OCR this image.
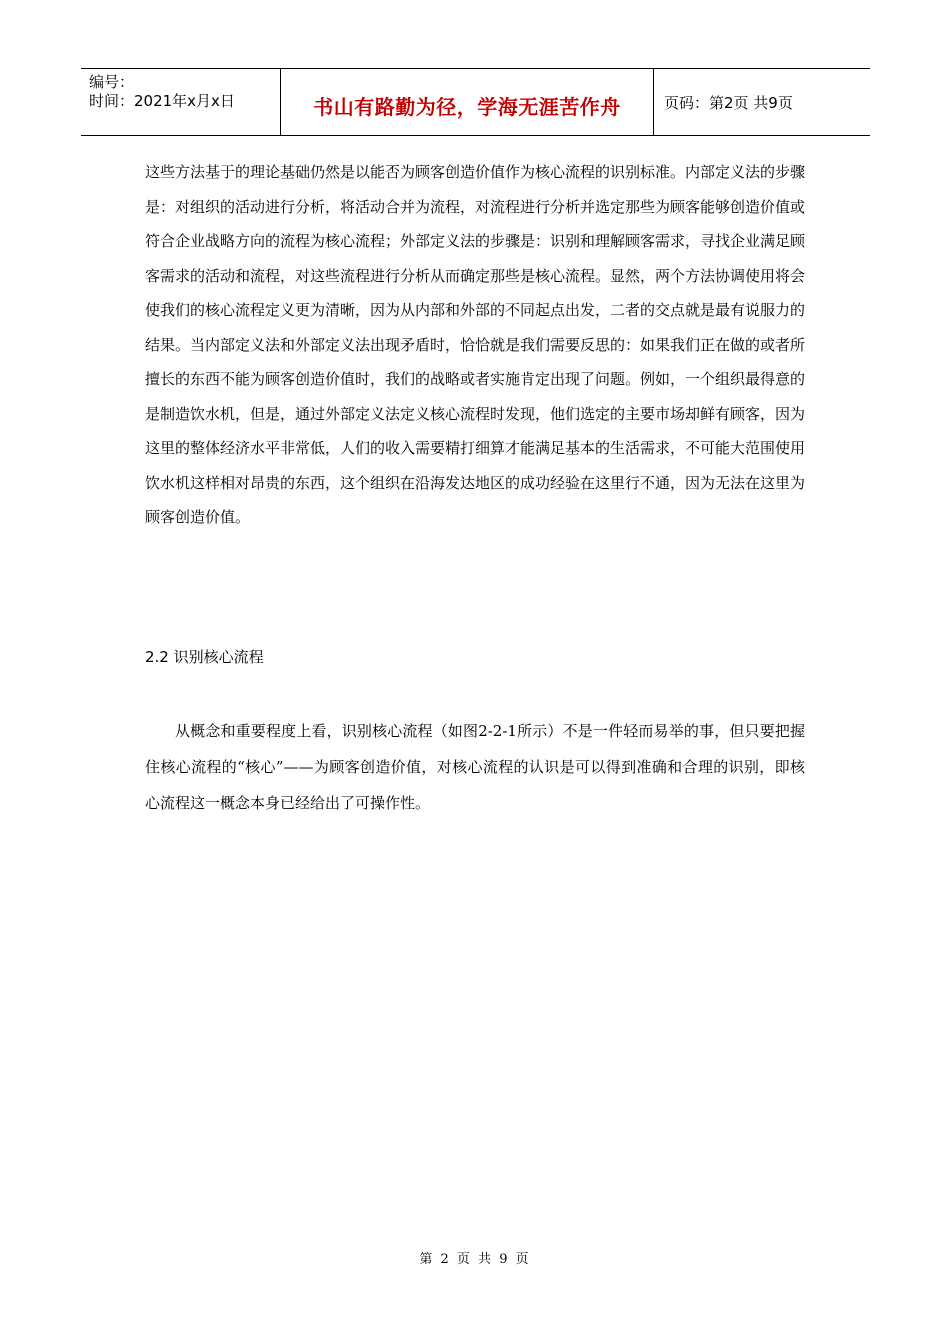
编号：
时间：2021年x月x日	书山有路勤为径，学海无涯苦作舟	页码：第2页 共9页

这些方法基于的理论基础仍然是以能否为顾客创造价值作为核心流程的识别标准。内部定义法的步骤是：对组织的活动进行分析，将活动合并为流程，对流程进行分析并选定那些为顾客能够创造价值或符合企业战略方向的流程为核心流程；外部定义法的步骤是：识别和理解顾客需求，寻找企业满足顾客需求的活动和流程，对这些流程进行分析从而确定那些是核心流程。显然，两个方法协调使用将会使我们的核心流程定义更为清晰，因为从内部和外部的不同起点出发，二者的交点就是最有说服力的结果。当内部定义法和外部定义法出现矛盾时，恰恰就是我们需要反思的：如果我们正在做的或者所擅长的东西不能为顾客创造价值时，我们的战略或者实施肯定出现了问题。例如，一个组织最得意的是制造饮水机，但是，通过外部定义法定义核心流程时发现，他们选定的主要市场却鲜有顾客，因为这里的整体经济水平非常低，人们的收入需要精打细算才能满足基本的生活需求，不可能大范围使用饮水机这样相对昂贵的东西，这个组织在沿海发达地区的成功经验在这里行不通，因为无法在这里为顾客创造价值。

2.2 识别核心流程

从概念和重要程度上看，识别核心流程（如图2-2-1所示）不是一件轻而易举的事，但只要把握住核心流程的“核心”——为顾客创造价值，对核心流程的认识是可以得到准确和合理的识别，即核心流程这一概念本身已经给出了可操作性。

第 2 页 共 9 页
